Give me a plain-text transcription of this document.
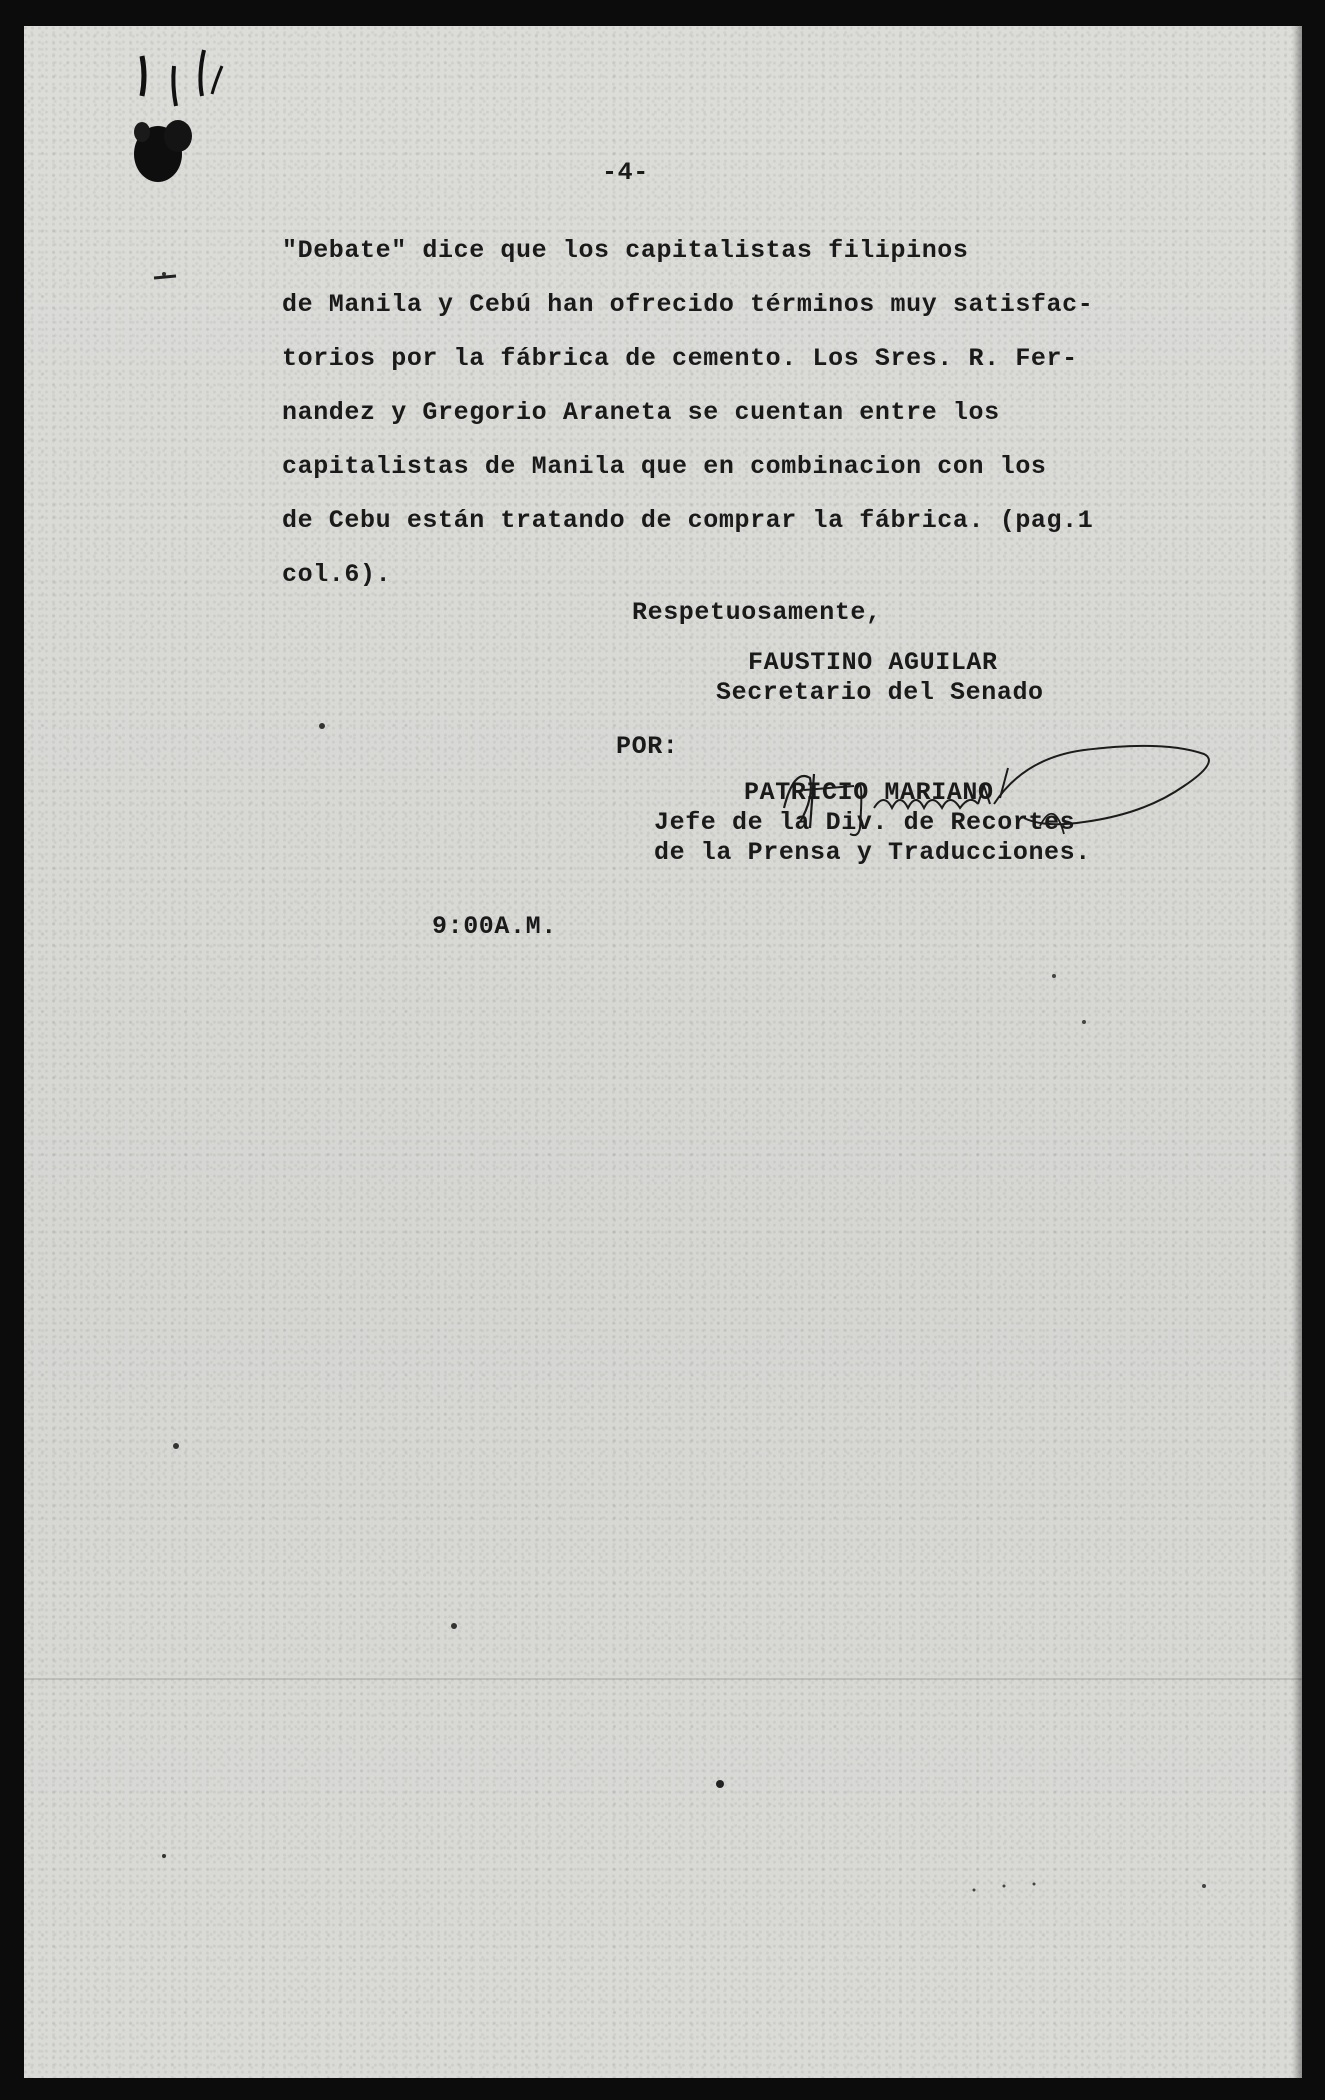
-4-

"Debate" dice que los capitalistas filipinos

de Manila y Cebú han ofrecido términos muy satisfac-

torios por la fábrica de cemento. Los Sres. R. Fer-

nandez y Gregorio Araneta se cuentan entre los

capitalistas de Manila que en combinacion con los

de Cebu están tratando de comprar la fábrica. (pag.1

col.6).

Respetuosamente,

FAUSTINO AGUILAR

Secretario del Senado

POR:

PATRICIO MARIANO

Jefe de la Div. de Recortes

de la Prensa y Traducciones.

9:00A.M.
